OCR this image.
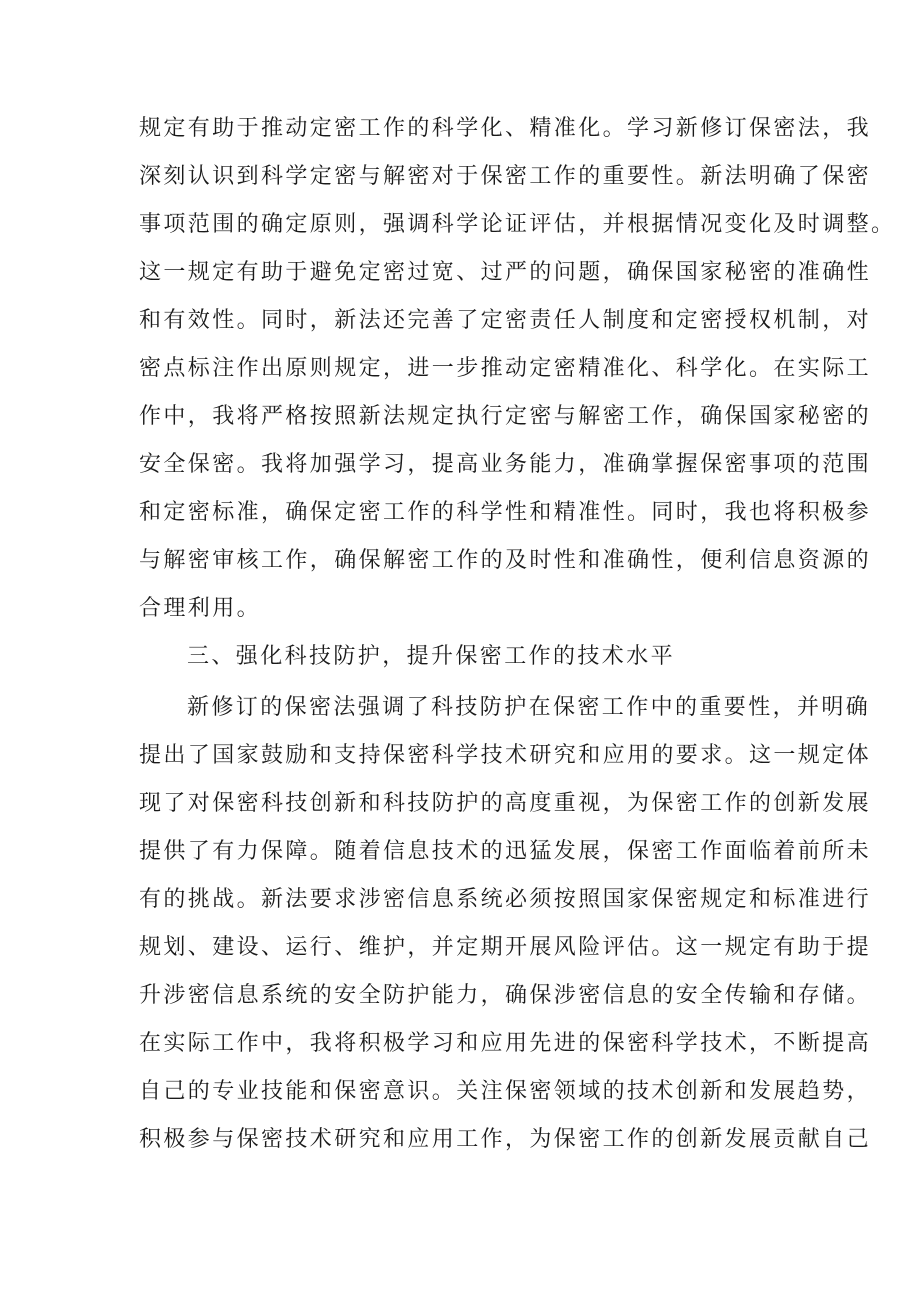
规定有助于推动定密工作的科学化、精准化。学习新修订保密法，我

深刻认识到科学定密与解密对于保密工作的重要性。新法明确了保密

事项范围的确定原则，强调科学论证评估，并根据情况变化及时调整。

这一规定有助于避免定密过宽、过严的问题，确保国家秘密的准确性

和有效性。同时，新法还完善了定密责任人制度和定密授权机制，对

密点标注作出原则规定，进一步推动定密精准化、科学化。在实际工

作中，我将严格按照新法规定执行定密与解密工作，确保国家秘密的

安全保密。我将加强学习，提高业务能力，准确掌握保密事项的范围

和定密标准，确保定密工作的科学性和精准性。同时，我也将积极参

与解密审核工作，确保解密工作的及时性和准确性，便利信息资源的

合理利用。

三、强化科技防护，提升保密工作的技术水平

新修订的保密法强调了科技防护在保密工作中的重要性，并明确

提出了国家鼓励和支持保密科学技术研究和应用的要求。这一规定体

现了对保密科技创新和科技防护的高度重视，为保密工作的创新发展

提供了有力保障。随着信息技术的迅猛发展，保密工作面临着前所未

有的挑战。新法要求涉密信息系统必须按照国家保密规定和标准进行

规划、建设、运行、维护，并定期开展风险评估。这一规定有助于提

升涉密信息系统的安全防护能力，确保涉密信息的安全传输和存储。

在实际工作中，我将积极学习和应用先进的保密科学技术，不断提高

自己的专业技能和保密意识。关注保密领域的技术创新和发展趋势，

积极参与保密技术研究和应用工作，为保密工作的创新发展贡献自己
